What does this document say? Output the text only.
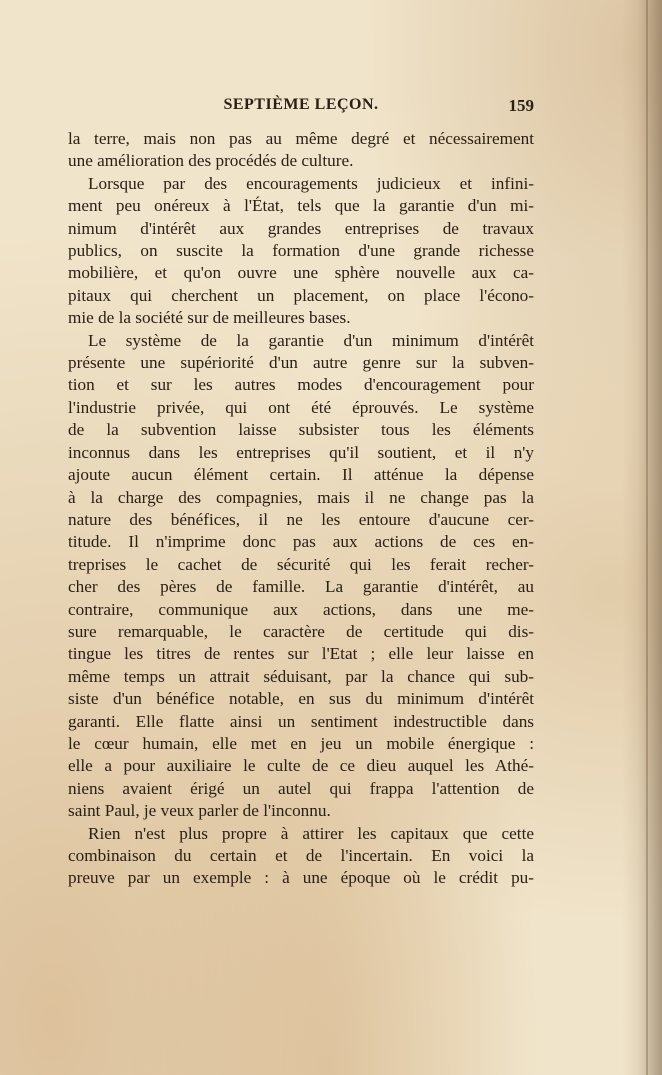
SEPTIÈME LEÇON.	159
la terre, mais non pas au même degré et nécessairement
une amélioration des procédés de culture.
Lorsque par des encouragements judicieux et infini-
ment peu onéreux à l'État, tels que la garantie d'un mi-
nimum d'intérêt aux grandes entreprises de travaux
publics, on suscite la formation d'une grande richesse
mobilière, et qu'on ouvre une sphère nouvelle aux ca-
pitaux qui cherchent un placement, on place l'écono-
mie de la société sur de meilleures bases.
Le système de la garantie d'un minimum d'intérêt
présente une supériorité d'un autre genre sur la subven-
tion et sur les autres modes d'encouragement pour
l'industrie privée, qui ont été éprouvés. Le système
de la subvention laisse subsister tous les éléments
inconnus dans les entreprises qu'il soutient, et il n'y
ajoute aucun élément certain. Il atténue la dépense
à la charge des compagnies, mais il ne change pas la
nature des bénéfices, il ne les entoure d'aucune cer-
titude. Il n'imprime donc pas aux actions de ces en-
treprises le cachet de sécurité qui les ferait recher-
cher des pères de famille. La garantie d'intérêt, au
contraire, communique aux actions, dans une me-
sure remarquable, le caractère de certitude qui dis-
tingue les titres de rentes sur l'Etat ; elle leur laisse en
même temps un attrait séduisant, par la chance qui sub-
siste d'un bénéfice notable, en sus du minimum d'intérêt
garanti. Elle flatte ainsi un sentiment indestructible dans
le cœur humain, elle met en jeu un mobile énergique :
elle a pour auxiliaire le culte de ce dieu auquel les Athé-
niens avaient érigé un autel qui frappa l'attention de
saint Paul, je veux parler de l'inconnu.
Rien n'est plus propre à attirer les capitaux que cette
combinaison du certain et de l'incertain. En voici la
preuve par un exemple : à une époque où le crédit pu-
